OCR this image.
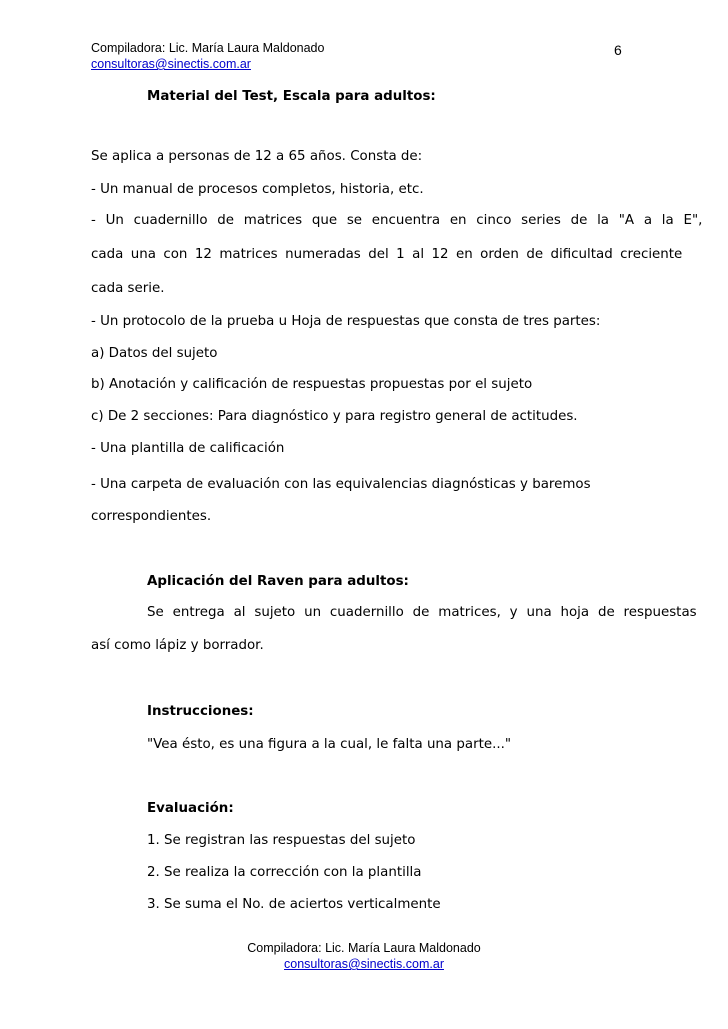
Compiladora: Lic. María Laura Maldonado
consultoras@sinectis.com.ar
6
Material del Test, Escala para adultos:
Se aplica a personas de 12 a 65 años. Consta de:
- Un manual de procesos completos, historia, etc.
- Un cuadernillo de matrices que se encuentra en cinco series de la "A a la E",
cada una con 12 matrices numeradas del 1 al 12 en orden de dificultad creciente
cada serie.
- Un protocolo de la prueba u Hoja de respuestas que consta de tres partes:
a) Datos del sujeto
b) Anotación y calificación de respuestas propuestas por el sujeto
c) De 2 secciones: Para diagnóstico y para registro general de actitudes.
- Una plantilla de calificación
- Una carpeta de evaluación con las equivalencias diagnósticas y baremos
correspondientes.
Aplicación del Raven para adultos:
Se entrega al sujeto un cuadernillo de matrices, y una hoja de respuestas
así como lápiz y borrador.
Instrucciones:
"Vea ésto, es una figura a la cual, le falta una parte..."
Evaluación:
1. Se registran las respuestas del sujeto
2. Se realiza la corrección con la plantilla
3. Se suma el No. de aciertos verticalmente
Compiladora: Lic. María Laura Maldonado
consultoras@sinectis.com.ar
